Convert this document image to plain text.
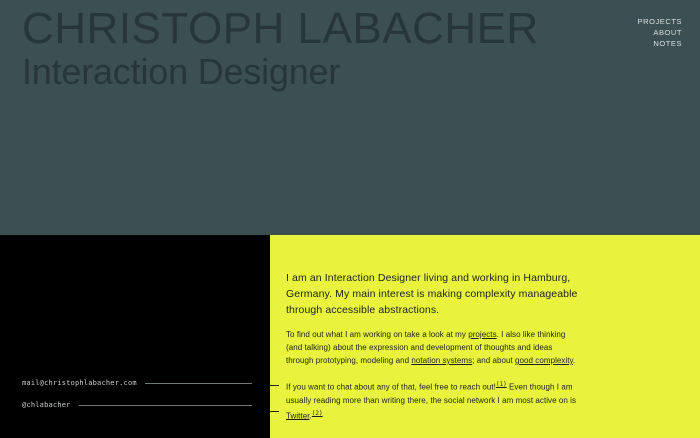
CHRISTOPH LABACHER
Interaction Designer
PROJECTS
ABOUT
NOTES
mail@christophlabacher.com
@chlabacher

I am an Interaction Designer living and working in Hamburg, Germany. My main interest is making complexity manageable through accessible abstractions.

To find out what I am working on take a look at my projects. I also like thinking (and talking) about the expression and development of thoughts and ideas through prototyping, modeling and notation systems; and about good complexity.

If you want to chat about any of that, feel free to reach out!$^{(1)}$ Even though I am usually reading more than writing there, the social network I am most active on is Twitter.$^{(2)}$
